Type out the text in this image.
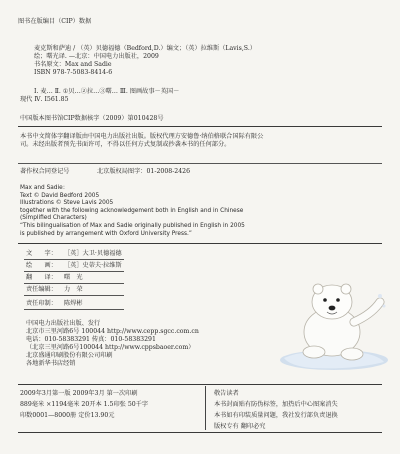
图书在版编目（CIP）数据
麦克斯和萨迪 / （英）贝德福德（Bedford,D.）编文；（英）拉维斯（Lavis,S.）
绘；曙光译. —北京：中国电力出版社，2009
书名原文：Max and Sadie
ISBN 978-7-5083-8414-6
Ⅰ. 麦… Ⅱ. ①贝…②拉…③曙… Ⅲ. 图画故事－英国－
现代 Ⅳ. I561.85
中国版本图书馆CIP数据核字（2009）第010428号
本书中文简体字翻译版由中国电力出版社出版。版权代理方安德鲁·纳伯格联合国际有限公
司。未经出版者预先书面许可，不得以任何方式复制或抄袭本书的任何部分。
著作权合同登记号	北京版权局图字：01-2008-2426
Max and Sadie：
Text © David Bedford 2005
Illustrations © Steve Lavis 2005
together with the following acknowledgement both in English and in Chinese
(Simplified Characters)
“This bilingualisation of Max and Sadie originally published in English in 2005
is published by arrangement with Oxford University Press.”
文　　字：	［英］大卫·贝德福德
绘　　画：	［英］史蒂夫·拉维斯
翻　　译：	曙　光
责任编辑：	力　荣
责任印制：	陈焊彬
中国电力出版社出版、发行
北京市三里河路6号 100044 http://www.cepp.sgcc.com.cn
电话：010-58383291 传真：010-58383291
（北京三里河路6号100044 http://www.cppsbaoer.com）
北京盛通印刷股份有限公司印刷
各地新华书店经销
2009年3月第一版 2009年3月 第一次印刷
889毫米 ×1194毫米 20开本 1.5印张 50千字
印数0001—8000册 定价13.90元
敬告读者
本书封面贴有防伪标签，加热后中心图案消失
本书如有印装质量问题，我社发行部负责退换
版权专有 翻印必究
